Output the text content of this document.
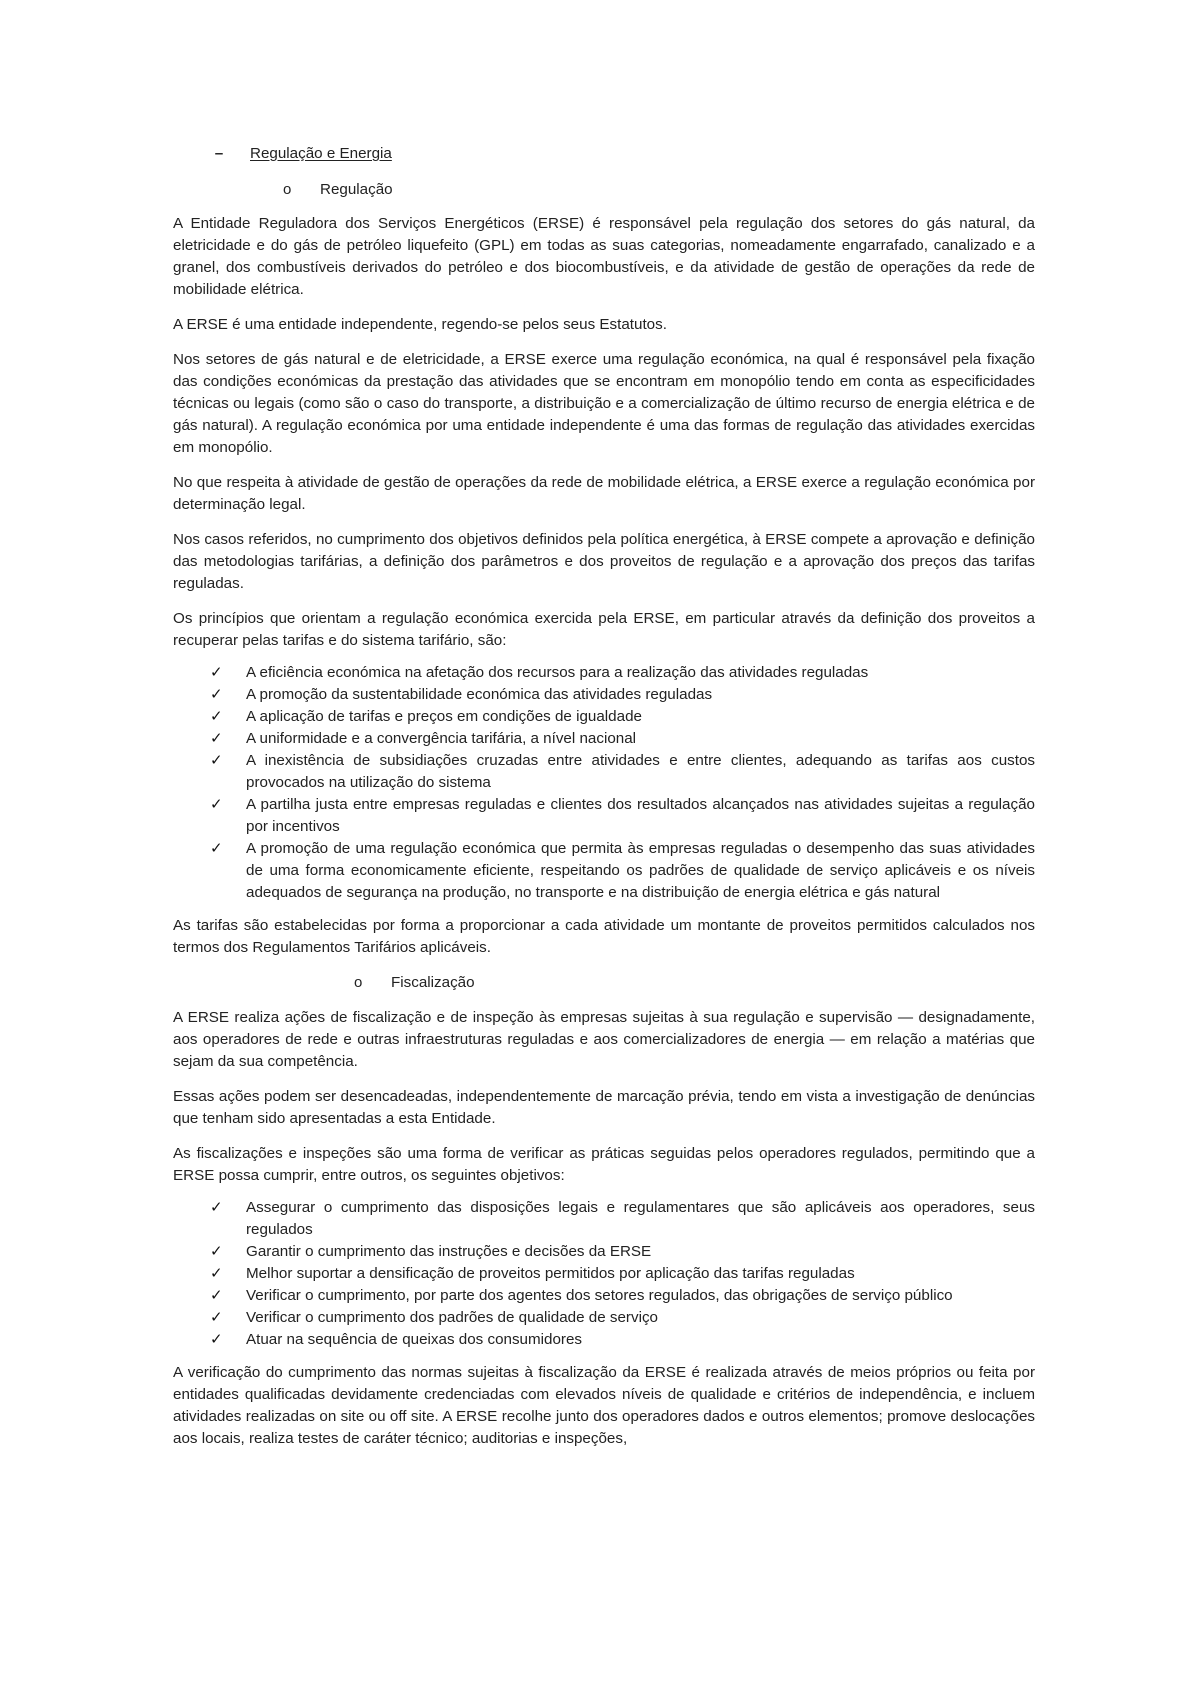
– Regulação e Energia
o Regulação

A Entidade Reguladora dos Serviços Energéticos (ERSE) é responsável pela regulação dos setores do gás natural, da eletricidade e do gás de petróleo liquefeito (GPL) em todas as suas categorias, nomeadamente engarrafado, canalizado e a granel, dos combustíveis derivados do petróleo e dos biocombustíveis, e da atividade de gestão de operações da rede de mobilidade elétrica.

A ERSE é uma entidade independente, regendo-se pelos seus Estatutos.

Nos setores de gás natural e de eletricidade, a ERSE exerce uma regulação económica, na qual é responsável pela fixação das condições económicas da prestação das atividades que se encontram em monopólio tendo em conta as especificidades técnicas ou legais (como são o caso do transporte, a distribuição e a comercialização de último recurso de energia elétrica e de gás natural). A regulação económica por uma entidade independente é uma das formas de regulação das atividades exercidas em monopólio.

No que respeita à atividade de gestão de operações da rede de mobilidade elétrica, a ERSE exerce a regulação económica por determinação legal.

Nos casos referidos, no cumprimento dos objetivos definidos pela política energética, à ERSE compete a aprovação e definição das metodologias tarifárias, a definição dos parâmetros e dos proveitos de regulação e a aprovação dos preços das tarifas reguladas.

Os princípios que orientam a regulação económica exercida pela ERSE, em particular através da definição dos proveitos a recuperar pelas tarifas e do sistema tarifário, são:

✓ A eficiência económica na afetação dos recursos para a realização das atividades reguladas
✓ A promoção da sustentabilidade económica das atividades reguladas
✓ A aplicação de tarifas e preços em condições de igualdade
✓ A uniformidade e a convergência tarifária, a nível nacional
✓ A inexistência de subsidiações cruzadas entre atividades e entre clientes, adequando as tarifas aos custos provocados na utilização do sistema
✓ A partilha justa entre empresas reguladas e clientes dos resultados alcançados nas atividades sujeitas a regulação por incentivos
✓ A promoção de uma regulação económica que permita às empresas reguladas o desempenho das suas atividades de uma forma economicamente eficiente, respeitando os padrões de qualidade de serviço aplicáveis e os níveis adequados de segurança na produção, no transporte e na distribuição de energia elétrica e gás natural

As tarifas são estabelecidas por forma a proporcionar a cada atividade um montante de proveitos permitidos calculados nos termos dos Regulamentos Tarifários aplicáveis.

o Fiscalização

A ERSE realiza ações de fiscalização e de inspeção às empresas sujeitas à sua regulação e supervisão — designadamente, aos operadores de rede e outras infraestruturas reguladas e aos comercializadores de energia — em relação a matérias que sejam da sua competência.

Essas ações podem ser desencadeadas, independentemente de marcação prévia, tendo em vista a investigação de denúncias que tenham sido apresentadas a esta Entidade.

As fiscalizações e inspeções são uma forma de verificar as práticas seguidas pelos operadores regulados, permitindo que a ERSE possa cumprir, entre outros, os seguintes objetivos:

✓ Assegurar o cumprimento das disposições legais e regulamentares que são aplicáveis aos operadores, seus regulados
✓ Garantir o cumprimento das instruções e decisões da ERSE
✓ Melhor suportar a densificação de proveitos permitidos por aplicação das tarifas reguladas
✓ Verificar o cumprimento, por parte dos agentes dos setores regulados, das obrigações de serviço público
✓ Verificar o cumprimento dos padrões de qualidade de serviço
✓ Atuar na sequência de queixas dos consumidores

A verificação do cumprimento das normas sujeitas à fiscalização da ERSE é realizada através de meios próprios ou feita por entidades qualificadas devidamente credenciadas com elevados níveis de qualidade e critérios de independência, e incluem atividades realizadas on site ou off site. A ERSE recolhe junto dos operadores dados e outros elementos; promove deslocações aos locais, realiza testes de caráter técnico; auditorias e inspeções,
